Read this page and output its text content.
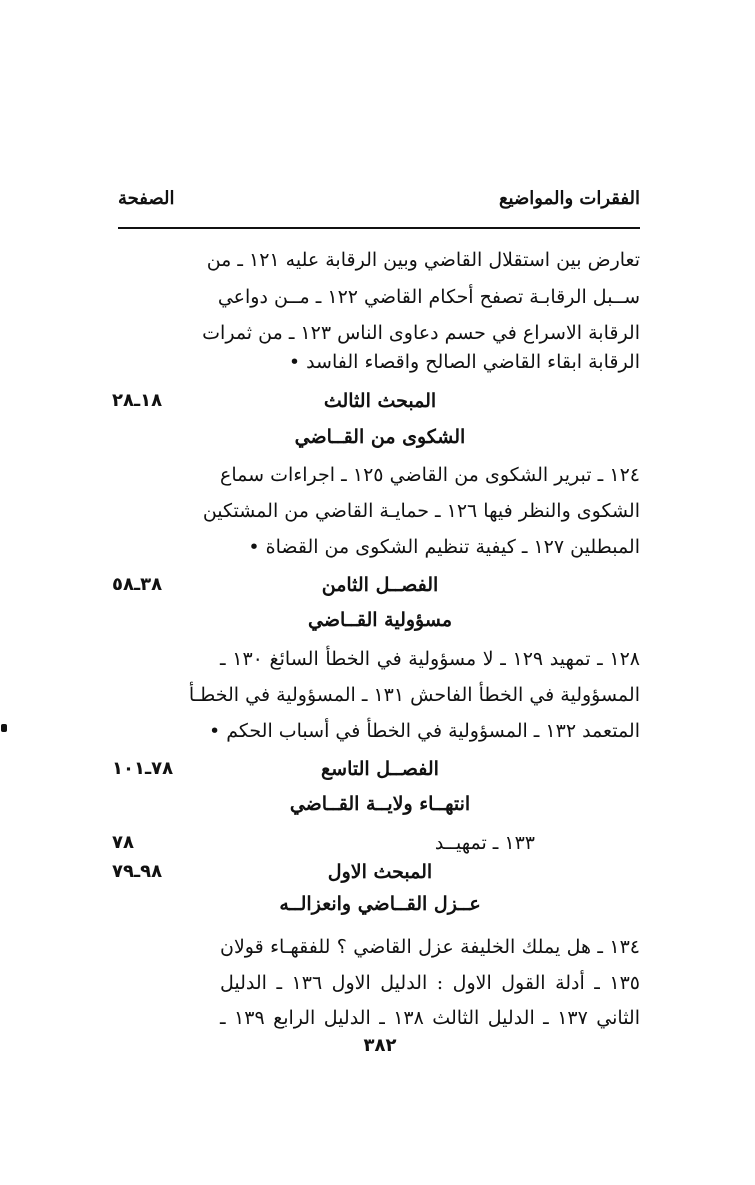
الفقرات والمواضيع
الصفحة
تعارض بين استقلال القاضي وبين الرقابة عليه ١٢١ ـ من
ســبل الرقابـة تصفح أحكام القاضي ١٢٢ ـ مــن دواعي
الرقابة الاسراع في حسم دعاوى الناس ١٢٣ ـ من ثمرات
الرقابة ابقاء القاضي الصالح واقصاء الفاسد •
المبحث الثالث
٨١ـ٨٢
الشكوى من القــاضي
١٢٤ ـ تبرير الشكوى من القاضي ١٢٥ ـ اجراءات سماع
الشكوى والنظر فيها ١٢٦ ـ حمايـة القاضي من المشتكين
المبطلين ١٢٧ ـ كيفية تنظيم الشكوى من القضاة •
الفصــل الثامن
٨٣ـ٨٥
مسؤولية القــاضي
١٢٨ ـ تمهيد ١٢٩ ـ لا مسؤولية في الخطأ السائغ ١٣٠ ـ
المسؤولية في الخطأ الفاحش ١٣١ ـ المسؤولية في الخطـأ
المتعمد ١٣٢ ـ المسؤولية في الخطأ في أسباب الحكم •
الفصــل التاسع
٨٧ـ١٠١
انتهــاء ولايــة القــاضي
١٣٣ ـ تمهيــد
٨٧
المبحث الاول
٨٩ـ٩٧
عــزل القــاضي وانعزالــه
١٣٤ ـ هل يملك الخليفة عزل القاضي ؟ للفقهـاء قولان
١٣٥ ـ أدلة القول الاول : الدليل الاول ١٣٦ ـ الدليل
الثاني ١٣٧ ـ الدليل الثالث ١٣٨ ـ الدليل الرابع ١٣٩ ـ
٣٨٢
